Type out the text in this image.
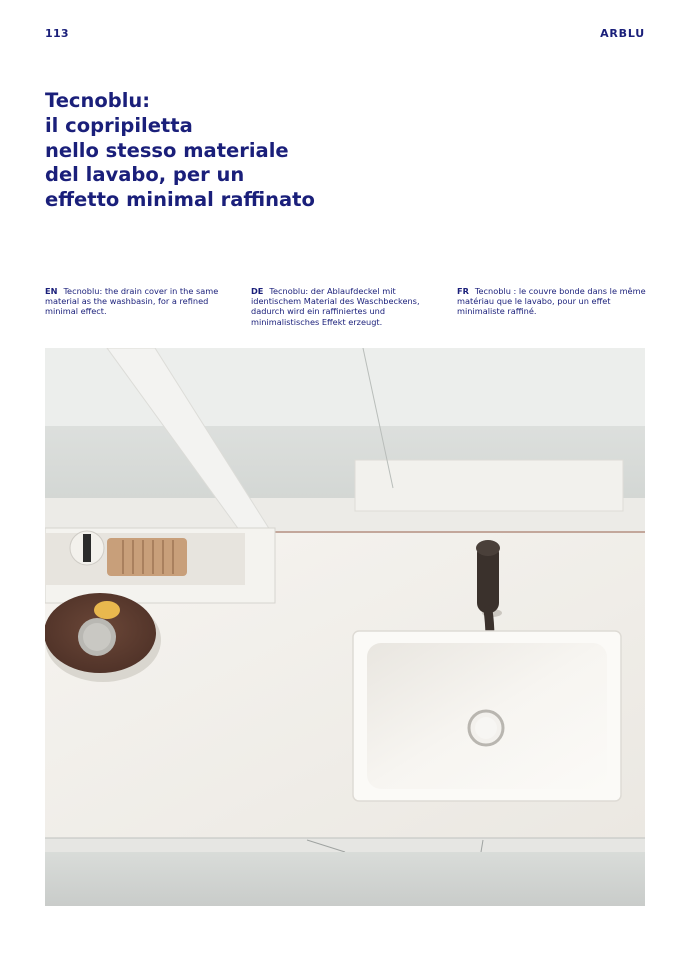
113	ARBLU
Tecnoblu:
il copripiletta
nello stesso materiale
del lavabo, per un
effetto minimal raffinato
EN Tecnoblu: the drain cover in the same material as the washbasin, for a refined minimal effect.
DE Tecnoblu: der Ablaufdeckel mit identischem Material des Waschbeckens, dadurch wird ein raffiniertes und minimalistisches Effekt erzeugt.
FR Tecnoblu : le couvre bonde dans le même matériau que le lavabo, pour un effet minimaliste raffiné.
